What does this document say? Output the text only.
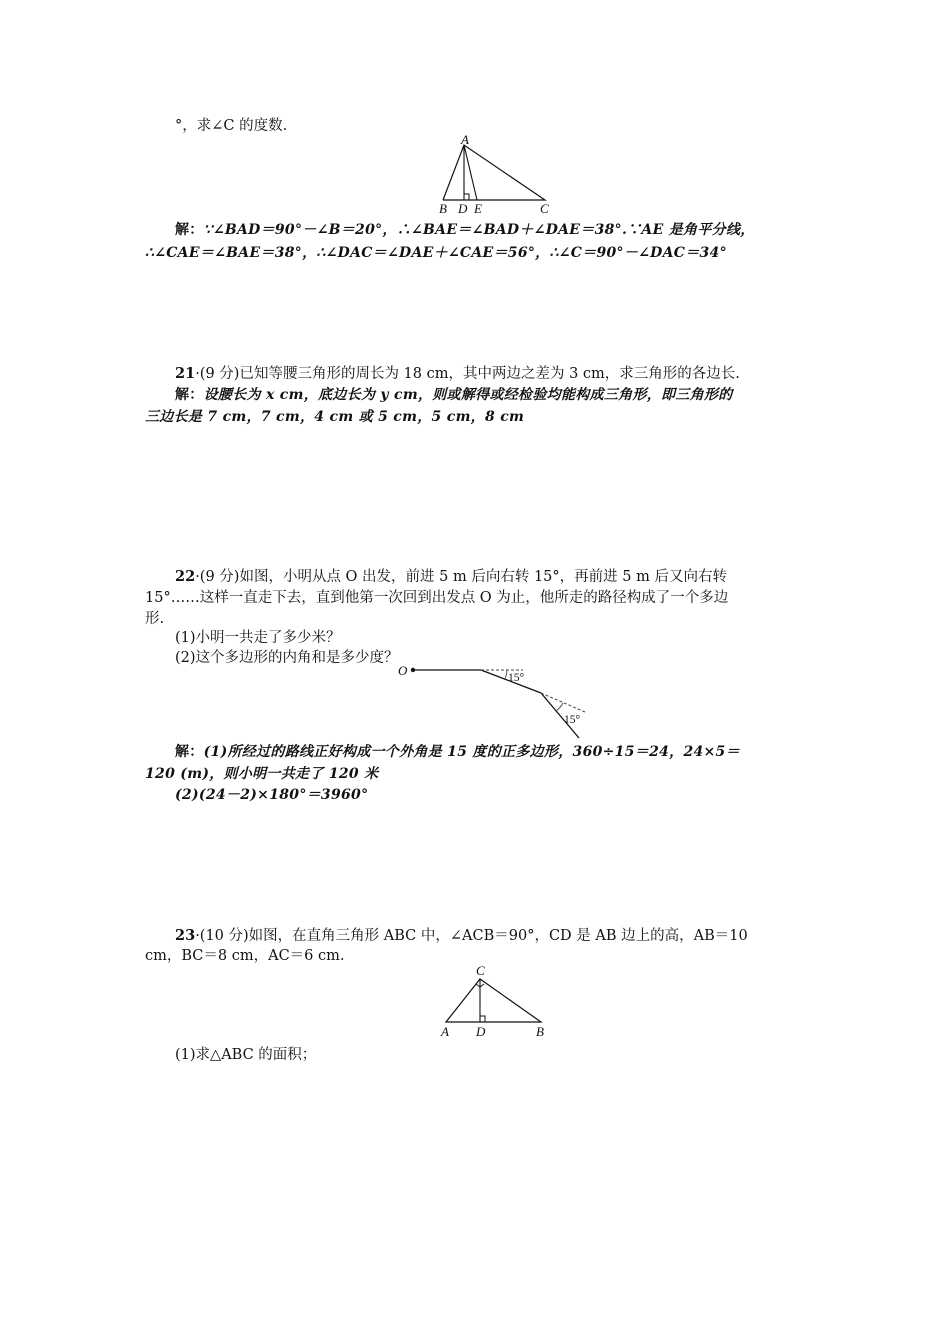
°，求∠C 的度数.
A
B D E	C
解：∵∠BAD＝90°－∠B＝20°，∴∠BAE＝∠BAD＋∠DAE＝38°.∵AE 是角平分线，
∴∠CAE＝∠BAE＝38°，∴∠DAC＝∠DAE＋∠CAE＝56°，∴∠C＝90°－∠DAC＝34°
21·(9 分)已知等腰三角形的周长为 18 cm，其中两边之差为 3 cm，求三角形的各边长.
解：设腰长为 x cm，底边长为 y cm，则或解得或经检验均能构成三角形，即三角形的
三边长是 7 cm，7 cm，4 cm 或 5 cm，5 cm，8 cm
22·(9 分)如图，小明从点 O 出发，前进 5 m 后向右转 15°，再前进 5 m 后又向右转
15°……这样一直走下去，直到他第一次回到出发点 O 为止，他所走的路径构成了一个多边
形.
(1)小明一共走了多少米？
(2)这个多边形的内角和是多少度？
O	15°
15°
解：(1)所经过的路线正好构成一个外角是 15 度的正多边形，360÷15＝24，24×5＝
120 (m)，则小明一共走了 120 米
(2)(24－2)×180°＝3960°
23·(10 分)如图，在直角三角形 ABC 中，∠ACB＝90°，CD 是 AB 边上的高，AB＝10
cm，BC＝8 cm，AC＝6 cm.
C
A D	B
(1)求△ABC 的面积；
